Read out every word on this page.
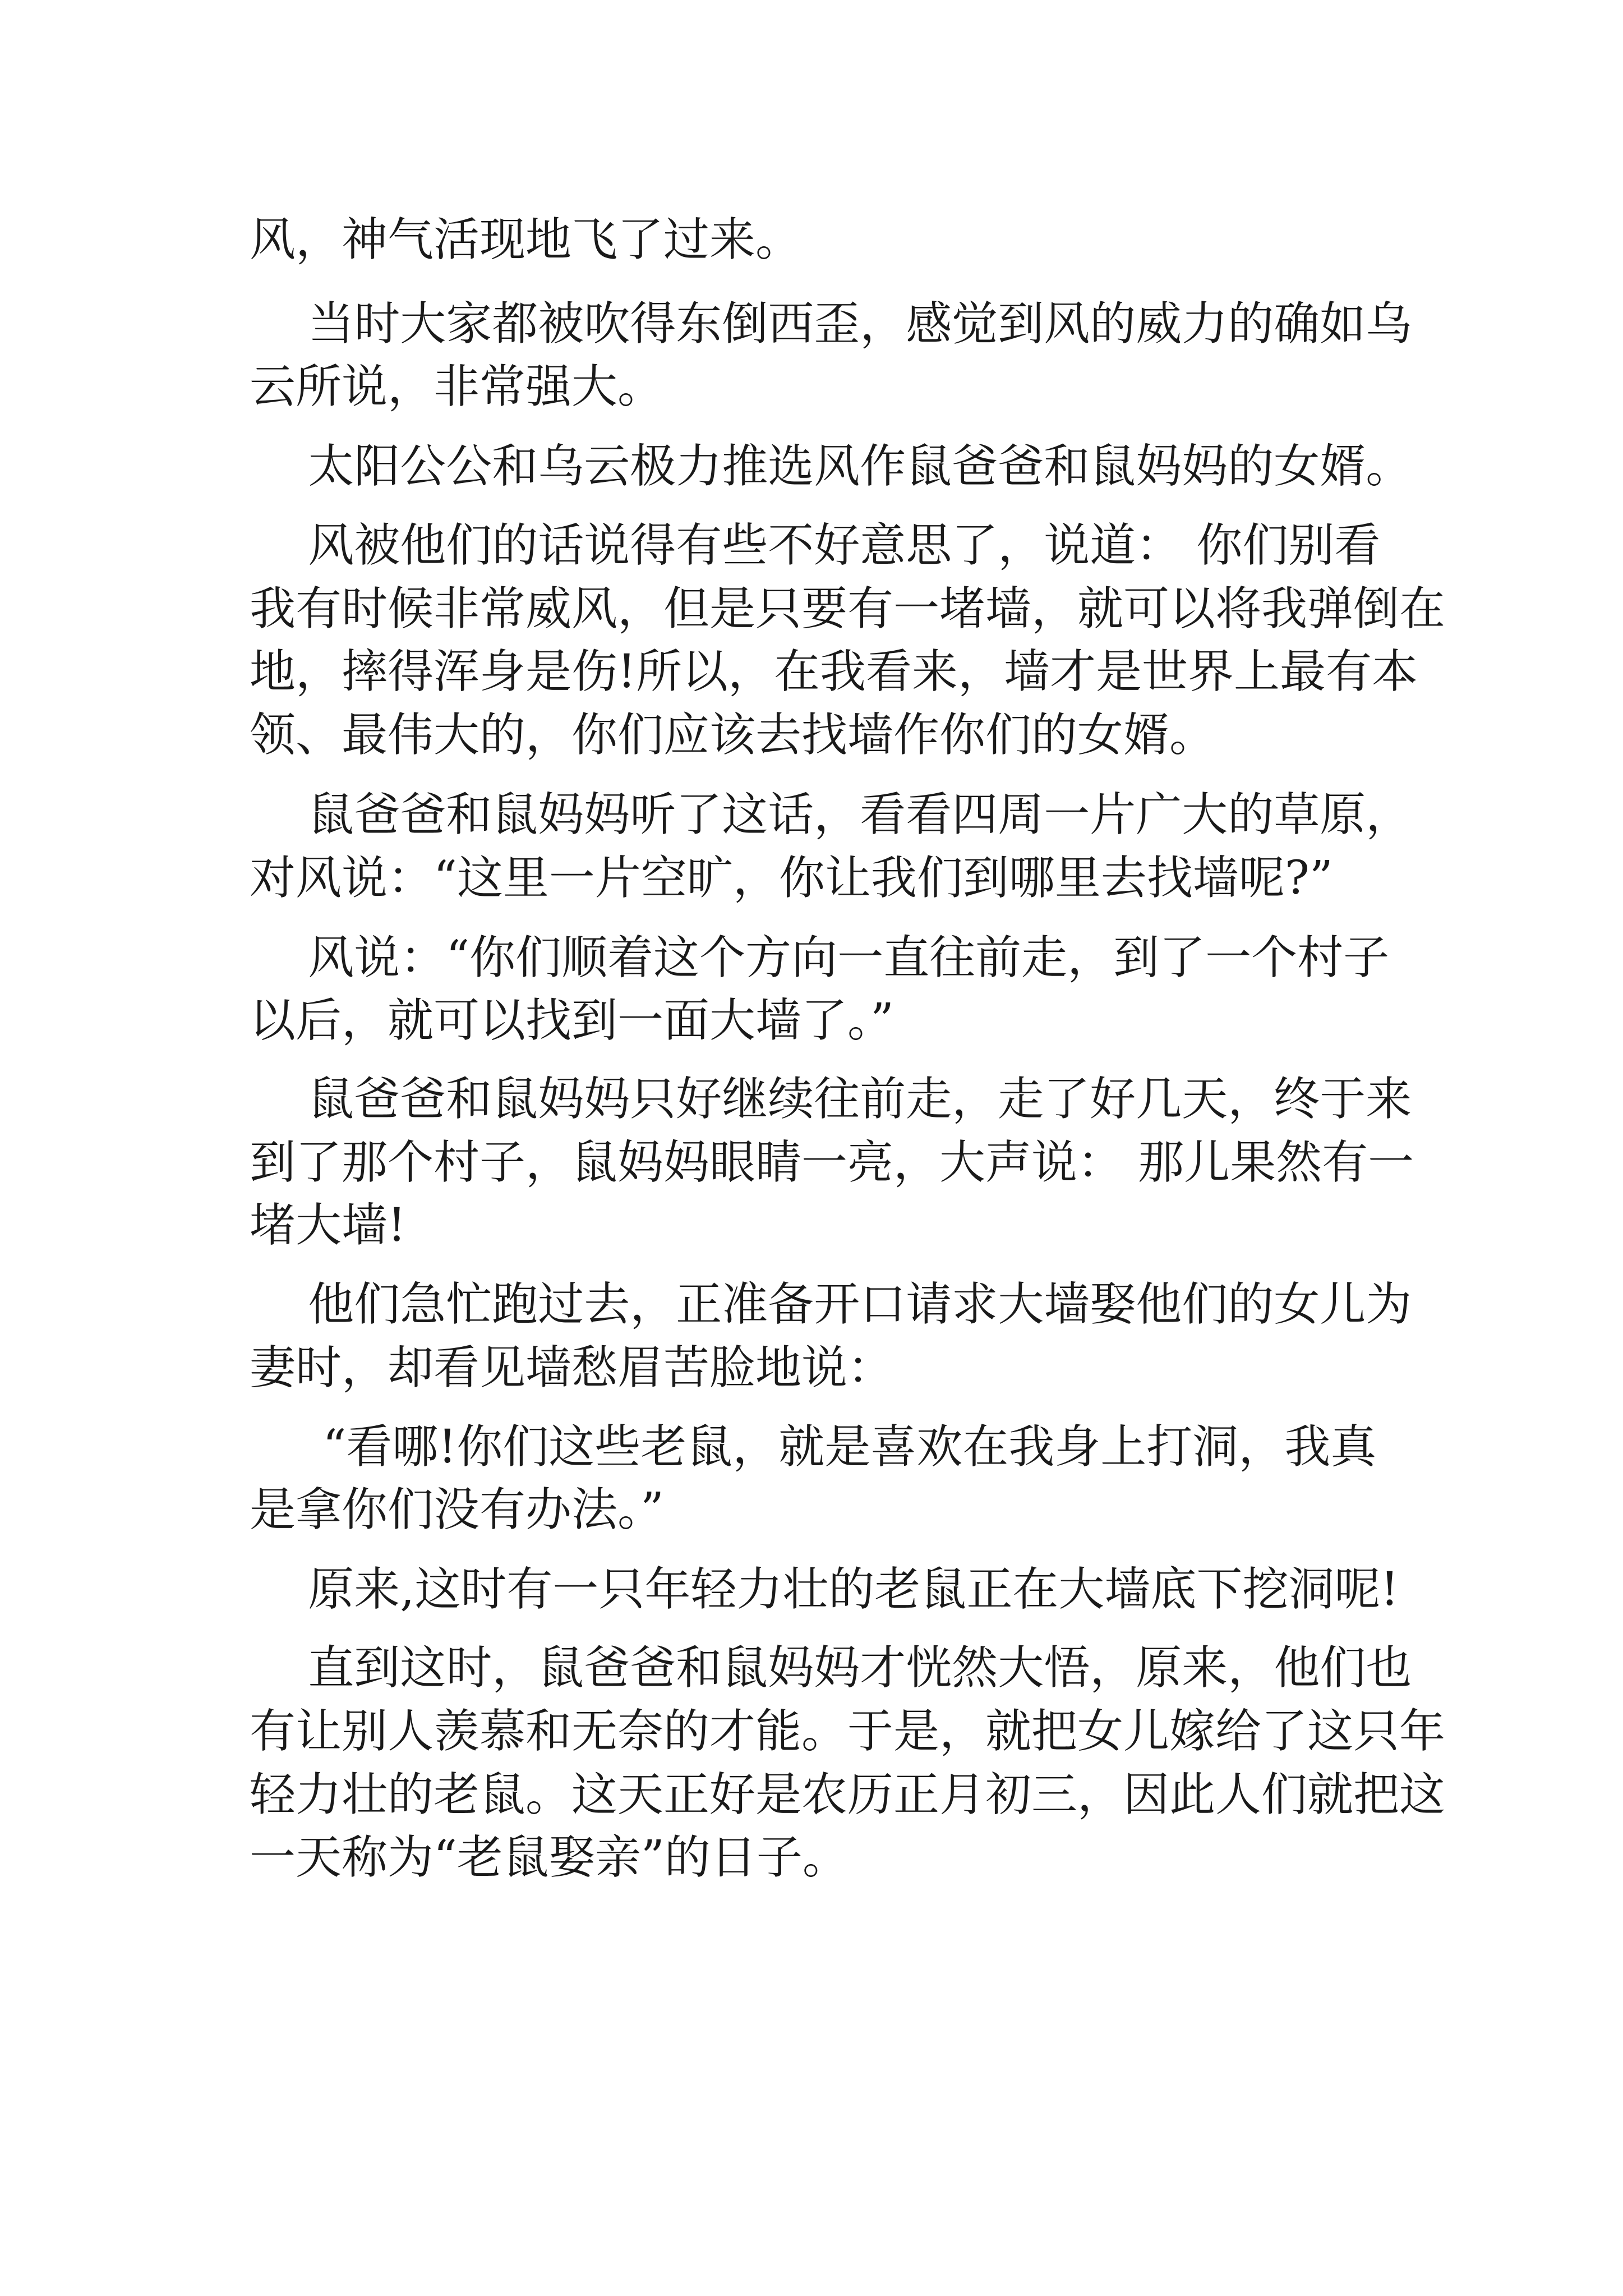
风，神气活现地飞了过来。
当时大家都被吹得东倒西歪，感觉到风的威力的确如乌
云所说，非常强大。
太阳公公和乌云极力推选风作鼠爸爸和鼠妈妈的女婿。
风被他们的话说得有些不好意思了，说道： 你们别看
我有时候非常威风，但是只要有一堵墙，就可以将我弹倒在
地，摔得浑身是伤!所以，在我看来，墙才是世界上最有本
领、最伟大的，你们应该去找墙作你们的女婿。
鼠爸爸和鼠妈妈听了这话，看看四周一片广大的草原，
对风说：“这里一片空旷，你让我们到哪里去找墙呢?”
风说：“你们顺着这个方向一直往前走，到了一个村子
以后，就可以找到一面大墙了。”
鼠爸爸和鼠妈妈只好继续往前走，走了好几天，终于来
到了那个村子，鼠妈妈眼睛一亮，大声说： 那儿果然有一
堵大墙!
他们急忙跑过去，正准备开口请求大墙娶他们的女儿为
妻时，却看见墙愁眉苦脸地说：
“看哪!你们这些老鼠，就是喜欢在我身上打洞，我真
是拿你们没有办法。”
原来,这时有一只年轻力壮的老鼠正在大墙底下挖洞呢!
直到这时，鼠爸爸和鼠妈妈才恍然大悟，原来，他们也
有让别人羡慕和无奈的才能。于是，就把女儿嫁给了这只年
轻力壮的老鼠。这天正好是农历正月初三，因此人们就把这
一天称为“老鼠娶亲”的日子。
